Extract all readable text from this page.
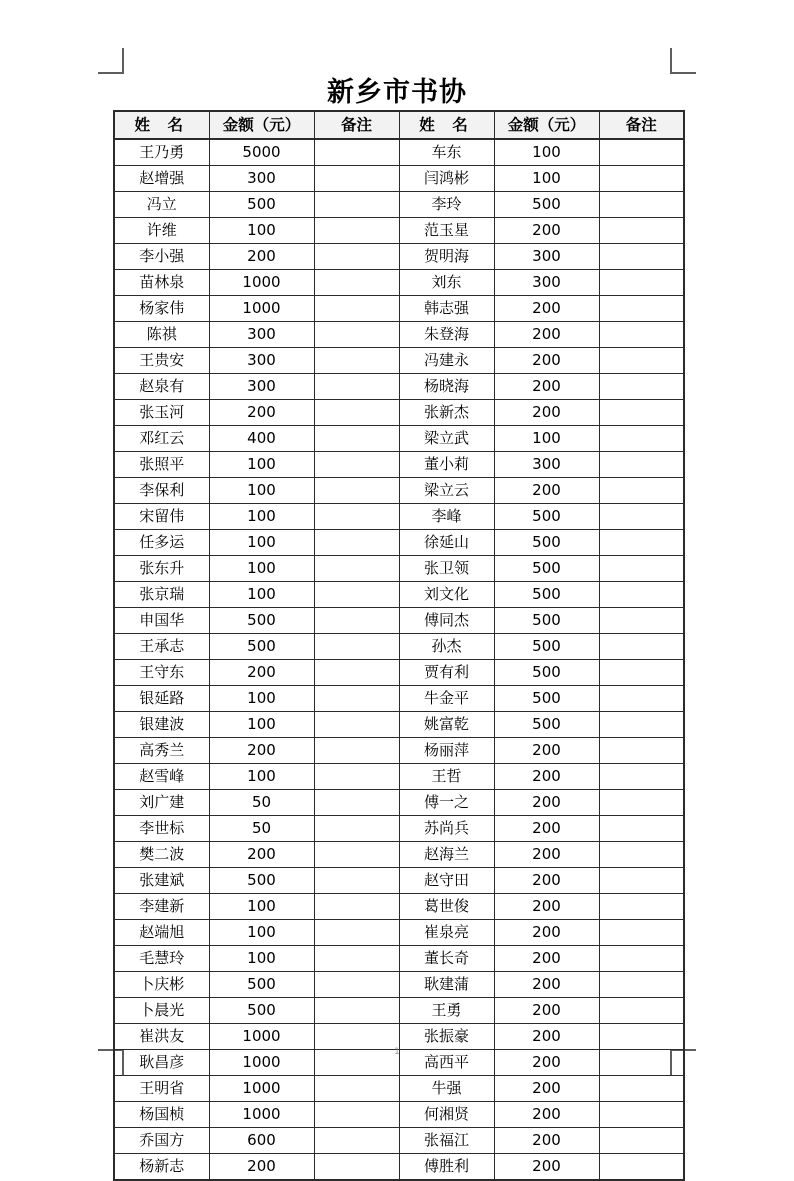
新乡市书协
姓 名	金额（元）	备注	姓 名	金额（元）	备注
王乃勇	5000		车东	100	
赵增强	300		闫鸿彬	100	
冯立	500		李玲	500	
许维	100		范玉星	200	
李小强	200		贺明海	300	
苗林泉	1000		刘东	300	
杨家伟	1000		韩志强	200	
陈祺	300		朱登海	200	
王贵安	300		冯建永	200	
赵泉有	300		杨晓海	200	
张玉河	200		张新杰	200	
邓红云	400		梁立武	100	
张照平	100		董小莉	300	
李保利	100		梁立云	200	
宋留伟	100		李峰	500	
任多运	100		徐延山	500	
张东升	100		张卫领	500	
张京瑞	100		刘文化	500	
申国华	500		傅同杰	500	
王承志	500		孙杰	500	
王守东	200		贾有利	500	
银延路	100		牛金平	500	
银建波	100		姚富乾	500	
高秀兰	200		杨丽萍	200	
赵雪峰	100		王哲	200	
刘广建	50		傅一之	200	
李世标	50		苏尚兵	200	
樊二波	200		赵海兰	200	
张建斌	500		赵守田	200	
李建新	100		葛世俊	200	
赵端旭	100		崔泉亮	200	
毛慧玲	100		董长奇	200	
卜庆彬	500		耿建蒲	200	
卜晨光	500		王勇	200	
崔洪友	1000		张振豪	200	
耿昌彦	1000		高西平	200	
王明省	1000		牛强	200	
杨国桢	1000		何湘贤	200	
乔国方	600		张福江	200	
杨新志	200		傅胜利	200	
1
